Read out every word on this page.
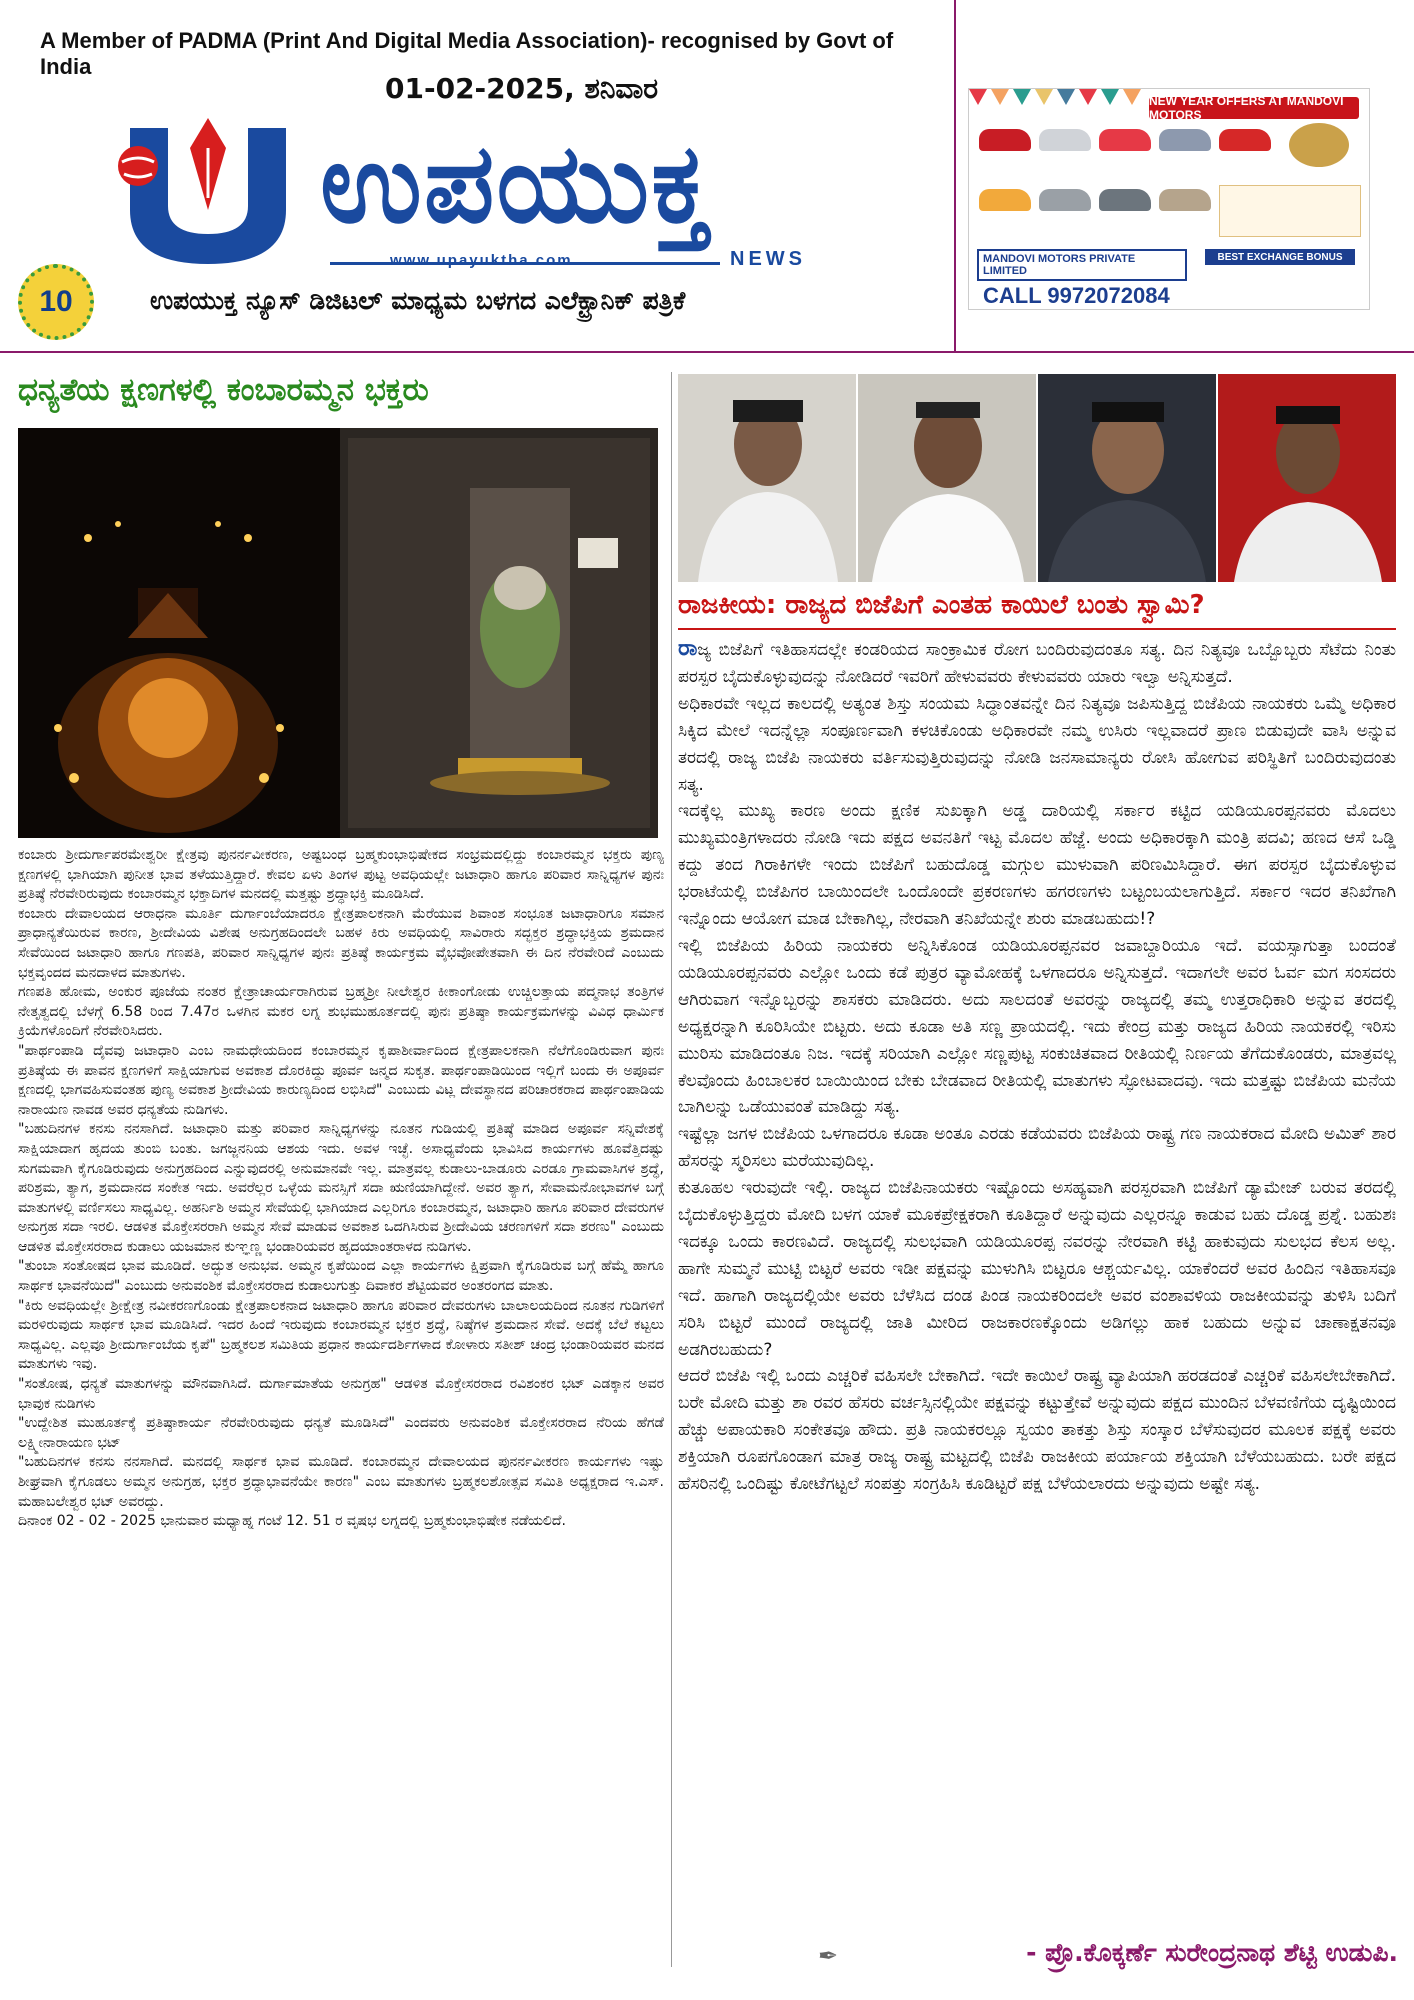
A Member of PADMA (Print And Digital Media Association)- recognised by Govt of India
01-02-2025, ಶನಿವಾರ
ಉಪಯುಕ್ತ
www.upayuktha.com	NEWS
10	ಉಪಯುಕ್ತ ನ್ಯೂಸ್ ಡಿಜಿಟಲ್ ಮಾಧ್ಯಮ ಬಳಗದ ಎಲೆಕ್ಟ್ರಾನಿಕ್ ಪತ್ರಿಕೆ
NEW YEAR OFFERS AT MANDOVI MOTORS
MANDOVI MOTORS PRIVATE LIMITED
CALL 9972072084
BEST EXCHANGE BONUS
ಧನ್ಯತೆಯ ಕ್ಷಣಗಳಲ್ಲಿ ಕಂಬಾರಮ್ಮನ ಭಕ್ತರು

ಕಂಬಾರು ಶ್ರೀದುರ್ಗಾಪರಮೇಶ್ವರೀ ಕ್ಷೇತ್ರವು ಪುನರ್ನವೀಕರಣ, ಅಷ್ಟಬಂಧ ಬ್ರಹ್ಮಕುಂಭಾಭಿಷೇಕದ ಸಂಭ್ರಮದಲ್ಲಿದ್ದು ಕಂಬಾರಮ್ಮನ ಭಕ್ತರು ಪುಣ್ಯ ಕ್ಷಣಗಳಲ್ಲಿ ಭಾಗಿಯಾಗಿ ಪುನೀತ ಭಾವ ತಳೆಯುತ್ತಿದ್ದಾರೆ. ಕೇವಲ ಏಳು ತಿಂಗಳ ಪುಟ್ಟ ಅವಧಿಯಲ್ಲೇ ಜಟಾಧಾರಿ ಹಾಗೂ ಪರಿವಾರ ಸಾನ್ನಿಧ್ಯಗಳ ಪುನಃ ಪ್ರತಿಷ್ಠೆ ನೆರವೇರಿರುವುದು ಕಂಬಾರಮ್ಮನ ಭಕ್ತಾದಿಗಳ ಮನದಲ್ಲಿ ಮತ್ತಷ್ಟು ಶ್ರದ್ಧಾಭಕ್ತಿ ಮೂಡಿಸಿದೆ.

ಕಂಬಾರು ದೇವಾಲಯದ ಆರಾಧನಾ ಮೂರ್ತಿ ದುರ್ಗಾಂಬೆಯಾದರೂ ಕ್ಷೇತ್ರಪಾಲಕನಾಗಿ ಮೆರೆಯುವ ಶಿವಾಂಶ ಸಂಭೂತ ಜಟಾಧಾರಿಗೂ ಸಮಾನ ಪ್ರಾಧಾನ್ಯತೆಯಿರುವ ಕಾರಣ, ಶ್ರೀದೇವಿಯ ವಿಶೇಷ ಅನುಗ್ರಹದಿಂದಲೇ ಬಹಳ ಕಿರು ಅವಧಿಯಲ್ಲಿ ಸಾವಿರಾರು ಸದ್ಭಕ್ತರ ಶ್ರದ್ಧಾಭಕ್ತಿಯ ಶ್ರಮದಾನ ಸೇವೆಯಿಂದ ಜಟಾಧಾರಿ ಹಾಗೂ ಗಣಪತಿ, ಪರಿವಾರ ಸಾನ್ನಿಧ್ಯಗಳ ಪುನಃ ಪ್ರತಿಷ್ಠೆ ಕಾರ್ಯಕ್ರಮ ವೈಭವೋಪೇತವಾಗಿ ಈ ದಿನ ನೆರವೇರಿದೆ ಎಂಬುದು ಭಕ್ತವೃಂದದ ಮನದಾಳದ ಮಾತುಗಳು.

ಗಣಪತಿ ಹೋಮ, ಅಂಕುರ ಪೂಜೆಯ ನಂತರ ಕ್ಷೇತ್ರಾಚಾರ್ಯರಾಗಿರುವ ಬ್ರಹ್ಮಶ್ರೀ ನೀಲೇಶ್ವರ ಕೀಕಾಂಗೋಡು ಉಚ್ಚಿಲತ್ತಾಯ ಪದ್ಮನಾಭ ತಂತ್ರಿಗಳ ನೇತೃತ್ವದಲ್ಲಿ ಬೆಳಗ್ಗೆ 6.58 ರಿಂದ 7.47ರ ಒಳಗಿನ ಮಕರ ಲಗ್ನ ಶುಭಮುಹೂರ್ತದಲ್ಲಿ ಪುನಃ ಪ್ರತಿಷ್ಠಾ ಕಾರ್ಯಕ್ರಮಗಳನ್ನು ವಿವಿಧ ಧಾರ್ಮಿಕ ಕ್ರಿಯೆಗಳೊಂದಿಗೆ ನೆರವೇರಿಸಿದರು.

"ಪಾರ್ಥಂಪಾಡಿ ದೈವವು ಜಟಾಧಾರಿ ಎಂಬ ನಾಮಧೇಯದಿಂದ ಕಂಬಾರಮ್ಮನ ಕೃಪಾಶೀರ್ವಾದಿಂದ ಕ್ಷೇತ್ರಪಾಲಕನಾಗಿ ನೆಲೆಗೊಂಡಿರುವಾಗ ಪುನಃ ಪ್ರತಿಷ್ಠೆಯ ಈ ಪಾವನ ಕ್ಷಣಗಳಿಗೆ ಸಾಕ್ಷಿಯಾಗುವ ಅವಕಾಶ ದೊರಕಿದ್ದು ಪೂರ್ವ ಜನ್ಮದ ಸುಕೃತ. ಪಾರ್ಥಂಪಾಡಿಯಿಂದ ಇಲ್ಲಿಗೆ ಬಂದು ಈ ಅಪೂರ್ವ ಕ್ಷಣದಲ್ಲಿ ಭಾಗವಹಿಸುವಂತಹ ಪುಣ್ಯ ಅವಕಾಶ ಶ್ರೀದೇವಿಯ ಕಾರುಣ್ಯದಿಂದ ಲಭಿಸಿದೆ" ಎಂಬುದು ವಿಟ್ಲ ದೇವಸ್ಥಾನದ ಪರಿಚಾರಕರಾದ ಪಾರ್ಥಂಪಾಡಿಯ ನಾರಾಯಣ ನಾವಡ ಅವರ ಧನ್ಯತೆಯ ನುಡಿಗಳು.

"ಬಹುದಿನಗಳ ಕನಸು ನನಸಾಗಿದೆ. ಜಟಾಧಾರಿ ಮತ್ತು ಪರಿವಾರ ಸಾನ್ನಿಧ್ಯಗಳನ್ನು ನೂತನ ಗುಡಿಯಲ್ಲಿ ಪ್ರತಿಷ್ಠೆ ಮಾಡಿದ ಅಪೂರ್ವ ಸನ್ನಿವೇಶಕ್ಕೆ ಸಾಕ್ಷಿಯಾದಾಗ ಹೃದಯ ತುಂಬಿ ಬಂತು. ಜಗಜ್ಜನನಿಯ ಆಶಯ ಇದು. ಅವಳ ಇಚ್ಛೆ. ಅಸಾಧ್ಯವೆಂದು ಭಾವಿಸಿದ ಕಾರ್ಯಗಳು ಹೂವೆತ್ತಿದಷ್ಟು ಸುಗಮವಾಗಿ ಕೈಗೂಡಿರುವುದು ಅನುಗ್ರಹದಿಂದ ಎನ್ನುವುದರಲ್ಲಿ ಅನುಮಾನವೇ ಇಲ್ಲ. ಮಾತ್ರವಲ್ಲ ಕುಡಾಲು-ಬಾಡೂರು ಎರಡೂ ಗ್ರಾಮವಾಸಿಗಳ ಶ್ರದ್ಧೆ, ಪರಿಶ್ರಮ, ತ್ಯಾಗ, ಶ್ರಮದಾನದ ಸಂಕೇತ ಇದು. ಅವರೆಲ್ಲರ ಒಳ್ಳೆಯ ಮನಸ್ಸಿಗೆ ಸದಾ ಋಣಿಯಾಗಿದ್ದೇನೆ. ಅವರ ತ್ಯಾಗ, ಸೇವಾಮನೋಭಾವಗಳ ಬಗ್ಗೆ ಮಾತುಗಳಲ್ಲಿ ವರ್ಣಿಸಲು ಸಾಧ್ಯವಿಲ್ಲ. ಅಹರ್ನಿಶಿ ಅಮ್ಮನ ಸೇವೆಯಲ್ಲಿ ಭಾಗಿಯಾದ ಎಲ್ಲರಿಗೂ ಕಂಬಾರಮ್ಮನ, ಜಟಾಧಾರಿ ಹಾಗೂ ಪರಿವಾರ ದೇವರುಗಳ ಅನುಗ್ರಹ ಸದಾ ಇರಲಿ. ಆಡಳಿತ ಮೊಕ್ತೇಸರರಾಗಿ ಅಮ್ಮನ ಸೇವೆ ಮಾಡುವ ಅವಕಾಶ ಒದಗಿಸಿರುವ ಶ್ರೀದೇವಿಯ ಚರಣಗಳಿಗೆ ಸದಾ ಶರಣು" ಎಂಬುದು ಆಡಳಿತ ಮೊಕ್ತೇಸರರಾದ ಕುಡಾಲು ಯಜಮಾನ ಕುಞ್ಞಣ್ಣ ಭಂಡಾರಿಯವರ ಹೃದಯಾಂತರಾಳದ ನುಡಿಗಳು.

"ತುಂಬಾ ಸಂತೋಷದ ಭಾವ ಮೂಡಿದೆ. ಅದ್ಭುತ ಅನುಭವ. ಅಮ್ಮನ ಕೃಪೆಯಿಂದ ಎಲ್ಲಾ ಕಾರ್ಯಗಳು ಕ್ಷಿಪ್ರವಾಗಿ ಕೈಗೂಡಿರುವ ಬಗ್ಗೆ ಹೆಮ್ಮೆ ಹಾಗೂ ಸಾರ್ಥಕ ಭಾವನೆಯಿದೆ" ಎಂಬುದು ಅನುವಂಶಿಕ ಮೊಕ್ತೇಸರರಾದ ಕುಡಾಲುಗುತ್ತು ದಿವಾಕರ ಶೆಟ್ಟಿಯವರ ಅಂತರಂಗದ ಮಾತು.

"ಕಿರು ಅವಧಿಯಲ್ಲೇ ಶ್ರೀಕ್ಷೇತ್ರ ನವೀಕರಣಗೊಂಡು ಕ್ಷೇತ್ರಪಾಲಕನಾದ ಜಟಾಧಾರಿ ಹಾಗೂ ಪರಿವಾರ ದೇವರುಗಳು ಬಾಲಾಲಯದಿಂದ ನೂತನ ಗುಡಿಗಳಿಗೆ ಮರಳಿರುವುದು ಸಾರ್ಥಕ ಭಾವ ಮೂಡಿಸಿದೆ. ಇದರ ಹಿಂದೆ ಇರುವುದು ಕಂಬಾರಮ್ಮನ ಭಕ್ತರ ಶ್ರದ್ಧೆ, ನಿಷ್ಠೆಗಳ ಶ್ರಮದಾನ ಸೇವೆ. ಅದಕ್ಕೆ ಬೆಲೆ ಕಟ್ಟಲು ಸಾಧ್ಯವಿಲ್ಲ. ಎಲ್ಲವೂ ಶ್ರೀದುರ್ಗಾಂಬೆಯ ಕೃಪೆ" ಬ್ರಹ್ಮಕಲಶ ಸಮಿತಿಯ ಪ್ರಧಾನ ಕಾರ್ಯದರ್ಶಿಗಳಾದ ಕೋಳಾರು ಸತೀಶ್ ಚಂದ್ರ ಭಂಡಾರಿಯವರ ಮನದ ಮಾತುಗಳು ಇವು.

"ಸಂತೋಷ, ಧನ್ಯತೆ ಮಾತುಗಳನ್ನು ಮೌನವಾಗಿಸಿದೆ. ದುರ್ಗಾಮಾತೆಯ ಅನುಗ್ರಹ" ಆಡಳಿತ ಮೊಕ್ತೇಸರರಾದ ರವಿಶಂಕರ ಭಟ್ ಎಡಕ್ಕಾನ ಅವರ ಭಾವುಕ ನುಡಿಗಳು

"ಉದ್ದೇಶಿತ ಮುಹೂರ್ತಕ್ಕೆ ಪ್ರತಿಷ್ಠಾಕಾರ್ಯ ನೆರವೇರಿರುವುದು ಧನ್ಯತೆ ಮೂಡಿಸಿದೆ" ಎಂದವರು ಅನುವಂಶಿಕ ಮೊಕ್ತೇಸರರಾದ ನೆರಿಯ ಹೆಗಡೆ ಲಕ್ಷ್ಮೀನಾರಾಯಣ ಭಟ್

"ಬಹುದಿನಗಳ ಕನಸು ನನಸಾಗಿದೆ. ಮನದಲ್ಲಿ ಸಾರ್ಥಕ ಭಾವ ಮೂಡಿದೆ. ಕಂಬಾರಮ್ಮನ ದೇವಾಲಯದ ಪುನರ್ನವೀಕರಣ ಕಾರ್ಯಗಳು ಇಷ್ಟು ಶೀಘ್ರವಾಗಿ ಕೈಗೂಡಲು ಅಮ್ಮನ ಅನುಗ್ರಹ, ಭಕ್ತರ ಶ್ರದ್ಧಾಭಾವನೆಯೇ ಕಾರಣ" ಎಂಬ ಮಾತುಗಳು ಬ್ರಹ್ಮಕಲಶೋತ್ಸವ ಸಮಿತಿ ಅಧ್ಯಕ್ಷರಾದ ಇ.ಎಸ್. ಮಹಾಬಲೇಶ್ವರ ಭಟ್ ಅವರದ್ದು.

ದಿನಾಂಕ 02 - 02 - 2025 ಭಾನುವಾರ ಮಧ್ಯಾಹ್ನ ಗಂಟೆ 12. 51 ರ ವೃಷಭ ಲಗ್ನದಲ್ಲಿ ಬ್ರಹ್ಮಕುಂಭಾಭಿಷೇಕ ನಡೆಯಲಿದೆ.

ರಾಜಕೀಯ: ರಾಜ್ಯದ ಬಿಜೆಪಿಗೆ ಎಂತಹ ಕಾಯಿಲೆ ಬಂತು ಸ್ವಾಮಿ?

ರಾಜ್ಯ ಬಿಜೆಪಿಗೆ ಇತಿಹಾಸದಲ್ಲೇ ಕಂಡರಿಯದ ಸಾಂಕ್ರಾಮಿಕ ರೋಗ ಬಂದಿರುವುದಂತೂ ಸತ್ಯ. ದಿನ ನಿತ್ಯವೂ ಒಬ್ಬೊಬ್ಬರು ಸೆಟೆದು ನಿಂತು ಪರಸ್ಪರ ಬೈದುಕೊಳ್ಳುವುದನ್ನು ನೋಡಿದರೆ ಇವರಿಗೆ ಹೇಳುವವರು ಕೇಳುವವರು ಯಾರು ಇಲ್ವಾ ಅನ್ನಿಸುತ್ತದೆ.

ಅಧಿಕಾರವೇ ಇಲ್ಲದ ಕಾಲದಲ್ಲಿ ಅತ್ಯಂತ ಶಿಸ್ತು ಸಂಯಮ ಸಿದ್ಧಾಂತವನ್ನೇ ದಿನ ನಿತ್ಯವೂ ಜಪಿಸುತ್ತಿದ್ದ ಬಿಜೆಪಿಯ ನಾಯಕರು ಒಮ್ಮೆ ಅಧಿಕಾರ ಸಿಕ್ಕಿದ ಮೇಲೆ ಇದನ್ನೆಲ್ಲಾ ಸಂಪೂರ್ಣವಾಗಿ ಕಳಚಿಕೊಂಡು ಅಧಿಕಾರವೇ ನಮ್ಮ ಉಸಿರು ಇಲ್ಲವಾದರೆ ಪ್ರಾಣ ಬಿಡುವುದೇ ವಾಸಿ ಅನ್ನುವ ತರದಲ್ಲಿ ರಾಜ್ಯ ಬಿಜೆಪಿ ನಾಯಕರು ವರ್ತಿಸುವುತ್ತಿರುವುದನ್ನು ನೋಡಿ ಜನಸಾಮಾನ್ಯರು ರೋಸಿ ಹೋಗುವ ಪರಿಸ್ಥಿತಿಗೆ ಬಂದಿರುವುದಂತು ಸತ್ಯ.

ಇದಕ್ಕೆಲ್ಲ ಮುಖ್ಯ ಕಾರಣ ಅಂದು ಕ್ಷಣಿಕ ಸುಖಕ್ಕಾಗಿ ಅಡ್ಡ ದಾರಿಯಲ್ಲಿ ಸರ್ಕಾರ ಕಟ್ಟಿದ ಯಡಿಯೂರಪ್ಪನವರು ಮೊದಲು ಮುಖ್ಯಮಂತ್ರಿಗಳಾದರು ನೋಡಿ ಇದು ಪಕ್ಷದ ಅವನತಿಗೆ ಇಟ್ಟ ಮೊದಲ ಹೆಜ್ಜೆ. ಅಂದು ಅಧಿಕಾರಕ್ಕಾಗಿ ಮಂತ್ರಿ ಪದವಿ; ಹಣದ ಆಸೆ ಒಡ್ಡಿ ಕದ್ದು ತಂದ ಗಿರಾಕಿಗಳೇ ಇಂದು ಬಿಜೆಪಿಗೆ ಬಹುದೊಡ್ಡ ಮಗ್ಗುಲ ಮುಳುವಾಗಿ ಪರಿಣಮಿಸಿದ್ದಾರೆ. ಈಗ ಪರಸ್ಪರ ಬೈದುಕೊಳ್ಳುವ ಭರಾಟೆಯಲ್ಲಿ ಬಿಜೆಪಿಗರ ಬಾಯಿಂದಲೇ ಒಂದೊಂದೇ ಪ್ರಕರಣಗಳು ಹಗರಣಗಳು ಬಟ್ಟಂಬಯಲಾಗುತ್ತಿದೆ. ಸರ್ಕಾರ ಇದರ ತನಿಖೆಗಾಗಿ ಇನ್ನೊಂದು ಆಯೋಗ ಮಾಡ ಬೇಕಾಗಿಲ್ಲ, ನೇರವಾಗಿ ತನಿಖೆಯನ್ನೇ ಶುರು ಮಾಡಬಹುದು!?

ಇಲ್ಲಿ ಬಿಜೆಪಿಯ ಹಿರಿಯ ನಾಯಕರು ಅನ್ನಿಸಿಕೊಂಡ ಯಡಿಯೂರಪ್ಪನವರ ಜವಾಬ್ದಾರಿಯೂ ಇದೆ. ವಯಸ್ಸಾಗುತ್ತಾ ಬಂದಂತೆ ಯಡಿಯೂರಪ್ಪನವರು ಎಲ್ಲೋ ಒಂದು ಕಡೆ ಪುತ್ರರ ವ್ಯಾಮೋಹಕ್ಕೆ ಒಳಗಾದರೂ ಅನ್ನಿಸುತ್ತದೆ. ಇದಾಗಲೇ ಅವರ ಓರ್ವ ಮಗ ಸಂಸದರು ಆಗಿರುವಾಗ ಇನ್ನೊಬ್ಬರನ್ನು ಶಾಸಕರು ಮಾಡಿದರು. ಅದು ಸಾಲದಂತೆ ಅವರನ್ನು ರಾಜ್ಯದಲ್ಲಿ ತಮ್ಮ ಉತ್ತರಾಧಿಕಾರಿ ಅನ್ನುವ ತರದಲ್ಲಿ ಅಧ್ಯಕ್ಷರನ್ನಾಗಿ ಕೂರಿಸಿಯೇ ಬಿಟ್ಟರು. ಅದು ಕೂಡಾ ಅತಿ ಸಣ್ಣ ಪ್ರಾಯದಲ್ಲಿ. ಇದು ಕೇಂದ್ರ ಮತ್ತು ರಾಜ್ಯದ ಹಿರಿಯ ನಾಯಕರಲ್ಲಿ ಇರಿಸು ಮುರಿಸು ಮಾಡಿದಂತೂ ನಿಜ. ಇದಕ್ಕೆ ಸರಿಯಾಗಿ ಎಲ್ಲೋ ಸಣ್ಣಪುಟ್ಟ ಸಂಕುಚಿತವಾದ ರೀತಿಯಲ್ಲಿ ನಿರ್ಣಯ ತೆಗೆದುಕೊಂಡರು, ಮಾತ್ರವಲ್ಲ ಕೆಲವೊಂದು ಹಿಂಬಾಲಕರ ಬಾಯಿಯಿಂದ ಬೇಕು ಬೇಡವಾದ ರೀತಿಯಲ್ಲಿ ಮಾತುಗಳು ಸ್ಫೋಟವಾದವು. ಇದು ಮತ್ತಷ್ಟು ಬಿಜೆಪಿಯ ಮನೆಯ ಬಾಗಿಲನ್ನು ಒಡೆಯುವಂತೆ ಮಾಡಿದ್ದು ಸತ್ಯ.

ಇಷ್ಟೆಲ್ಲಾ ಜಗಳ ಬಿಜೆಪಿಯ ಒಳಗಾದರೂ ಕೂಡಾ ಅಂತೂ ಎರಡು ಕಡೆಯವರು ಬಿಜೆಪಿಯ ರಾಷ್ಟ್ರ ಗಣ ನಾಯಕರಾದ ಮೋದಿ ಅಮಿತ್ ಶಾರ ಹೆಸರನ್ನು ಸ್ಮರಿಸಲು ಮರೆಯುವುದಿಲ್ಲ.

ಕುತೂಹಲ ಇರುವುದೇ ಇಲ್ಲಿ. ರಾಜ್ಯದ ಬಿಜೆಪಿನಾಯಕರು ಇಷ್ಟೊಂದು ಅಸಹ್ಯವಾಗಿ ಪರಸ್ಪರವಾಗಿ ಬಿಜೆಪಿಗೆ ಡ್ಯಾಮೇಜ್ ಬರುವ ತರದಲ್ಲಿ ಬೈದುಕೊಳ್ಳುತ್ತಿದ್ದರು ಮೋದಿ ಬಳಗ ಯಾಕೆ ಮೂಕಪ್ರೇಕ್ಷಕರಾಗಿ ಕೂತಿದ್ದಾರೆ ಅನ್ನುವುದು ಎಲ್ಲರನ್ನೂ ಕಾಡುವ ಬಹು ದೊಡ್ಡ ಪ್ರಶ್ನೆ. ಬಹುಶಃ ಇದಕ್ಕೂ ಒಂದು ಕಾರಣವಿದೆ. ರಾಜ್ಯದಲ್ಲಿ ಸುಲಭವಾಗಿ ಯಡಿಯೂರಪ್ಪ ನವರನ್ನು ನೇರವಾಗಿ ಕಟ್ಟಿ ಹಾಕುವುದು ಸುಲಭದ ಕೆಲಸ ಅಲ್ಲ. ಹಾಗೇ ಸುಮ್ಮನೆ ಮುಟ್ಟಿ ಬಿಟ್ಟರೆ ಅವರು ಇಡೀ ಪಕ್ಷವನ್ನು ಮುಳುಗಿಸಿ ಬಿಟ್ಟರೂ ಆಶ್ಚರ್ಯವಿಲ್ಲ. ಯಾಕೆಂದರೆ ಅವರ ಹಿಂದಿನ ಇತಿಹಾಸವೂ ಇದೆ. ಹಾಗಾಗಿ ರಾಜ್ಯದಲ್ಲಿಯೇ ಅವರು ಬೆಳೆಸಿದ ದಂಡ ಪಿಂಡ ನಾಯಕರಿಂದಲೇ ಅವರ ವಂಶಾವಳಿಯ ರಾಜಕೀಯವನ್ನು ತುಳಿಸಿ ಬದಿಗೆ ಸರಿಸಿ ಬಿಟ್ಟರೆ ಮುಂದೆ ರಾಜ್ಯದಲ್ಲಿ ಜಾತಿ ಮೀರಿದ ರಾಜಕಾರಣಕ್ಕೊಂದು ಅಡಿಗಲ್ಲು ಹಾಕ ಬಹುದು ಅನ್ನುವ ಚಾಣಾಕ್ಷತನವೂ ಅಡಗಿರಬಹುದು?

ಆದರೆ ಬಿಜೆಪಿ ಇಲ್ಲಿ ಒಂದು ಎಚ್ಚರಿಕೆ ವಹಿಸಲೇ ಬೇಕಾಗಿದೆ. ಇದೇ ಕಾಯಿಲೆ ರಾಷ್ಟ್ರ ವ್ಯಾಪಿಯಾಗಿ ಹರಡದಂತೆ ಎಚ್ಚರಿಕೆ ವಹಿಸಲೇಬೇಕಾಗಿದೆ. ಬರೇ ಮೋದಿ ಮತ್ತು ಶಾ ರವರ ಹೆಸರು ವರ್ಚಸ್ಸಿನಲ್ಲಿಯೇ ಪಕ್ಷವನ್ನು ಕಟ್ಟುತ್ತೇವೆ ಅನ್ನುವುದು ಪಕ್ಷದ ಮುಂದಿನ ಬೆಳವಣಿಗೆಯ ದೃಷ್ಟಿಯಿಂದ ಹೆಚ್ಚು ಅಪಾಯಕಾರಿ ಸಂಕೇತವೂ ಹೌದು. ಪ್ರತಿ ನಾಯಕರಲ್ಲೂ ಸ್ವಯಂ ತಾಕತ್ತು ಶಿಸ್ತು ಸಂಸ್ಕಾರ ಬೆಳೆಸುವುದರ ಮೂಲಕ ಪಕ್ಷಕ್ಕೆ ಅವರು ಶಕ್ತಿಯಾಗಿ ರೂಪಗೊಂಡಾಗ ಮಾತ್ರ ರಾಜ್ಯ ರಾಷ್ಟ್ರ ಮಟ್ಟದಲ್ಲಿ ಬಿಜೆಪಿ ರಾಜಕೀಯ ಪರ್ಯಾಯ ಶಕ್ತಿಯಾಗಿ ಬೆಳೆಯಬಹುದು. ಬರೇ ಪಕ್ಷದ ಹೆಸರಿನಲ್ಲಿ ಒಂದಿಷ್ಟು ಕೋಟೆಗಟ್ಟಲೆ ಸಂಪತ್ತು ಸಂಗ್ರಹಿಸಿ ಕೂಡಿಟ್ಟರೆ ಪಕ್ಷ ಬೆಳೆಯಲಾರದು ಅನ್ನುವುದು ಅಷ್ಟೇ ಸತ್ಯ.

✒	- ಪ್ರೊ.ಕೊಕ್ಕರ್ಣೆ ಸುರೇಂದ್ರನಾಥ ಶೆಟ್ಟಿ ಉಡುಪಿ.
